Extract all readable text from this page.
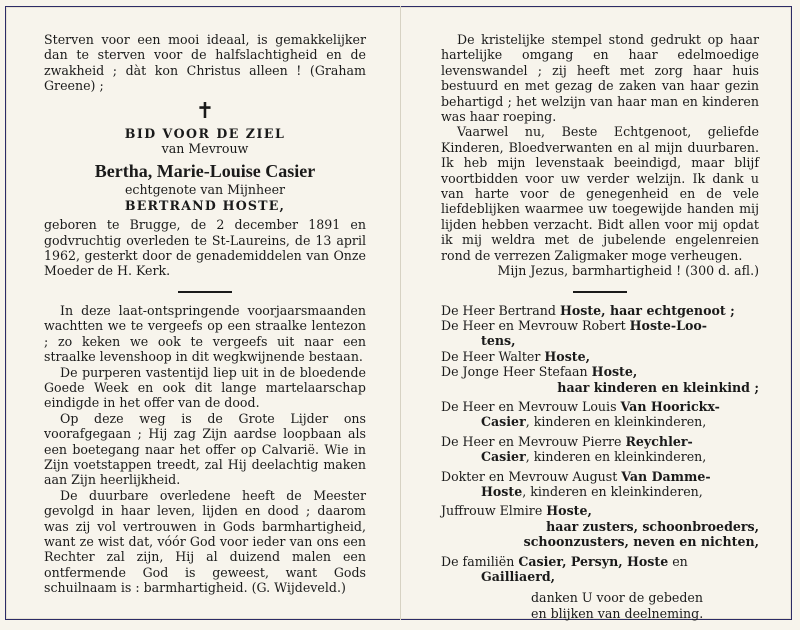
Sterven voor een mooi ideaal, is gemakkelijker dan te sterven voor de halfslachtigheid en de zwakheid ; dàt kon Christus alleen ! (Graham Greene) ;
✝
BID VOOR DE ZIEL
van Mevrouw
Bertha, Marie-Louise Casier
echtgenote van Mijnheer
BERTRAND HOSTE,
geboren te Brugge, de 2 december 1891 en godvruchtig overleden te St-Laureins, de 13 april 1962, gesterkt door de genademiddelen van Onze Moeder de H. Kerk.

In deze laat-ontspringende voorjaarsmaanden wachtten we te vergeefs op een straalke lentezon ; zo keken we ook te vergeefs uit naar een straalke levenshoop in dit wegkwijnende bestaan.

De purperen vastentijd liep uit in de bloedende Goede Week en ook dit lange martelaarschap eindigde in het offer van de dood.

Op deze weg is de Grote Lijder ons voorafgegaan ; Hij zag Zijn aardse loopbaan als een boetegang naar het offer op Calvarië. Wie in Zijn voetstappen treedt, zal Hij deelachtig maken aan Zijn heerlijkheid.

De duurbare overledene heeft de Meester gevolgd in haar leven, lijden en dood ; daarom was zij vol vertrouwen in Gods barmhartigheid, want ze wist dat, vóór God voor ieder van ons een Rechter zal zijn, Hij al duizend malen een ontfermende God is geweest, want Gods schuilnaam is : barmhartigheid. (G. Wijdeveld.)

De kristelijke stempel stond gedrukt op haar hartelijke omgang en haar edelmoedige levenswandel ; zij heeft met zorg haar huis bestuurd en met gezag de zaken van haar gezin behartigd ; het welzijn van haar man en kinderen was haar roeping.

Vaarwel nu, Beste Echtgenoot, geliefde Kinderen, Bloedverwanten en al mijn duurbaren. Ik heb mijn levenstaak beeindigd, maar blijf voortbidden voor uw verder welzijn. Ik dank u van harte voor de genegenheid en de vele liefdeblijken waarmee uw toegewijde handen mij lijden hebben verzacht. Bidt allen voor mij opdat ik mij weldra met de jubelende engelenreien rond de verrezen Zaligmaker moge verheugen.

Mijn Jezus, barmhartigheid ! (300 d. afl.)
De Heer Bertrand Hoste, haar echtgenoot ;
De Heer en Mevrouw Robert Hoste-Loo-
tens,
De Heer Walter Hoste,
De Jonge Heer Stefaan Hoste,
haar kinderen en kleinkind ;
De Heer en Mevrouw Louis Van Hoorickx-
Casier, kinderen en kleinkinderen,
De Heer en Mevrouw Pierre Reychler-
Casier, kinderen en kleinkinderen,
Dokter en Mevrouw August Van Damme-
Hoste, kinderen en kleinkinderen,
Juffrouw Elmire Hoste,
haar zusters, schoonbroeders,
schoonzusters, neven en nichten,
De familiën Casier, Persyn, Hoste en
Gailliaerd,
danken U voor de gebeden
en blijken van deelneming.
